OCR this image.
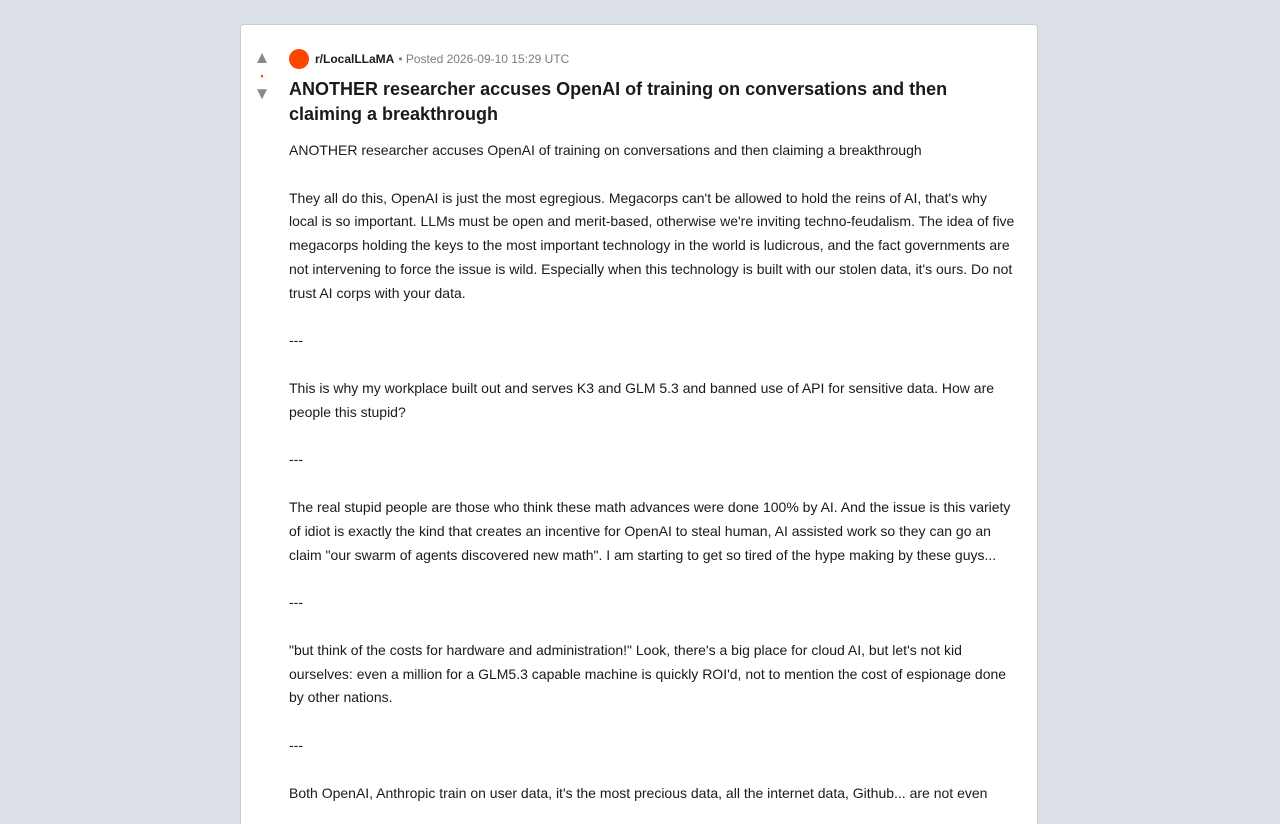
▲
•
▼
r/LocalLLaMA • Posted 2026-09-10 15:29 UTC
ANOTHER researcher accuses OpenAI of training on conversations and then claiming a breakthrough

ANOTHER researcher accuses OpenAI of training on conversations and then claiming a breakthrough

They all do this, OpenAI is just the most egregious. Megacorps can't be allowed to hold the reins of AI, that's why local is so important. LLMs must be open and merit-based, otherwise we're inviting techno-feudalism. The idea of five megacorps holding the keys to the most important technology in the world is ludicrous, and the fact governments are not intervening to force the issue is wild. Especially when this technology is built with our stolen data, it's ours. Do not trust AI corps with your data.

---

This is why my workplace built out and serves K3 and GLM 5.3 and banned use of API for sensitive data. How are people this stupid?

---

The real stupid people are those who think these math advances were done 100% by AI. And the issue is this variety of idiot is exactly the kind that creates an incentive for OpenAI to steal human, AI assisted work so they can go an claim "our swarm of agents discovered new math". I am starting to get so tired of the hype making by these guys...

---

"but think of the costs for hardware and administration!" Look, there's a big place for cloud AI, but let's not kid ourselves: even a million for a GLM5.3 capable machine is quickly ROI'd, not to mention the cost of espionage done by other nations.

---

Both OpenAI, Anthropic train on user data, it's the most precious data, all the internet data, Github... are not even
